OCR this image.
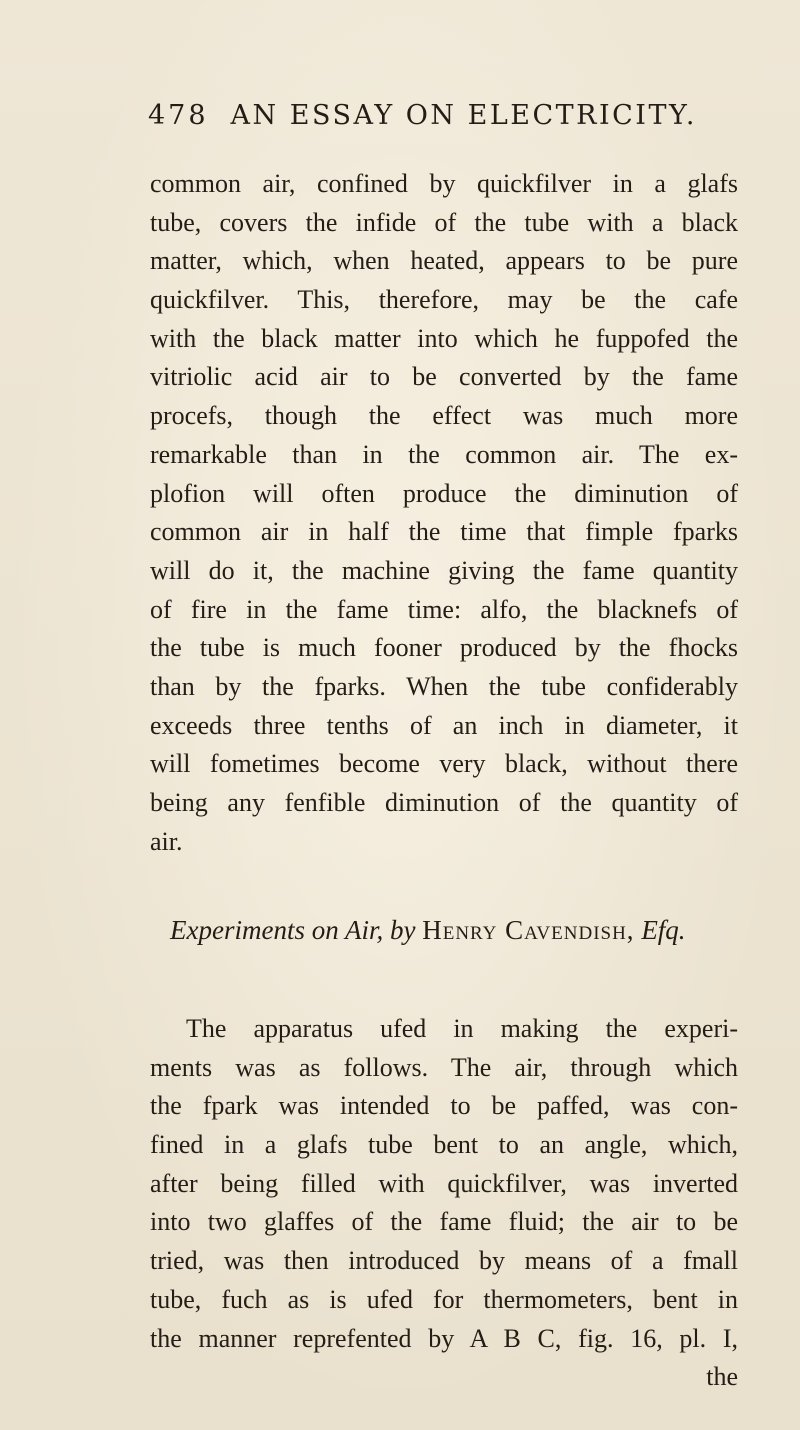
478 AN ESSAY ON ELECTRICITY.
common air, confined by quickfilver in a glafs
tube, covers the infide of the tube with a black
matter, which, when heated, appears to be pure
quickfilver. This, therefore, may be the cafe
with the black matter into which he fuppofed the
vitriolic acid air to be converted by the fame
procefs, though the effect was much more
remarkable than in the common air. The ex-
plofion will often produce the diminution of
common air in half the time that fimple fparks
will do it, the machine giving the fame quantity
of fire in the fame time: alfo, the blacknefs of
the tube is much fooner produced by the fhocks
than by the fparks. When the tube confiderably
exceeds three tenths of an inch in diameter, it
will fometimes become very black, without there
being any fenfible diminution of the quantity of
air.
Experiments on Air, by Henry Cavendish, Efq.
The apparatus ufed in making the experi-
ments was as follows. The air, through which
the fpark was intended to be paffed, was con-
fined in a glafs tube bent to an angle, which,
after being filled with quickfilver, was inverted
into two glaffes of the fame fluid; the air to be
tried, was then introduced by means of a fmall
tube, fuch as is ufed for thermometers, bent in
the manner reprefented by A B C, fig. 16, pl. I,
the
